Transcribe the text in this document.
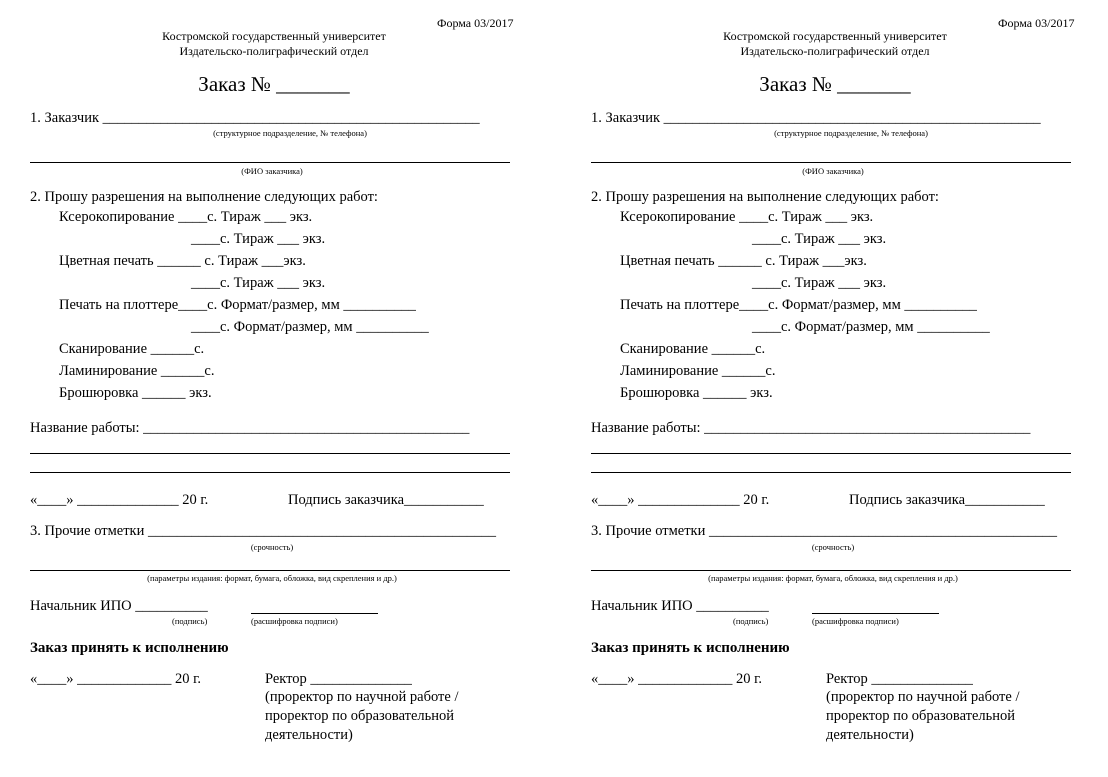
Форма 03/2017
Костромской государственный университет
Издательско-полиграфический отдел
Заказ № _______
1. Заказчик ____________________________________________________
(структурное подразделение, № телефона)
(ФИО заказчика)
2. Прошу разрешения на выполнение следующих работ:
Ксерокопирование ____с. Тираж ___ экз.
____с. Тираж ___ экз.
Цветная печать ______ с. Тираж ___экз.
____с. Тираж ___ экз.
Печать на плоттере____с. Формат/размер, мм __________
____с. Формат/размер, мм __________
Сканирование ______с.
Ламинирование ______с.
Брошюровка ______ экз.
Название работы: _____________________________________________
«____» ______________ 20 г.	Подпись заказчика___________
3. Прочие отметки ________________________________________________
(срочность)
(параметры издания: формат, бумага, обложка, вид скрепления и др.)
Начальник ИПО __________
(подпись)	(расшифровка подписи)
Заказ принять к исполнению
«____» _____________ 20 г.	Ректор ______________
(проректор по научной работе /
проректор по образовательной
деятельности)
Форма 03/2017
Костромской государственный университет
Издательско-полиграфический отдел
Заказ № _______
1. Заказчик ____________________________________________________
(структурное подразделение, № телефона)
(ФИО заказчика)
2. Прошу разрешения на выполнение следующих работ:
Ксерокопирование ____с. Тираж ___ экз.
____с. Тираж ___ экз.
Цветная печать ______ с. Тираж ___экз.
____с. Тираж ___ экз.
Печать на плоттере____с. Формат/размер, мм __________
____с. Формат/размер, мм __________
Сканирование ______с.
Ламинирование ______с.
Брошюровка ______ экз.
Название работы: _____________________________________________
«____» ______________ 20 г.	Подпись заказчика___________
3. Прочие отметки ________________________________________________
(срочность)
(параметры издания: формат, бумага, обложка, вид скрепления и др.)
Начальник ИПО __________
(подпись)	(расшифровка подписи)
Заказ принять к исполнению
«____» _____________ 20 г.	Ректор ______________
(проректор по научной работе /
проректор по образовательной
деятельности)
